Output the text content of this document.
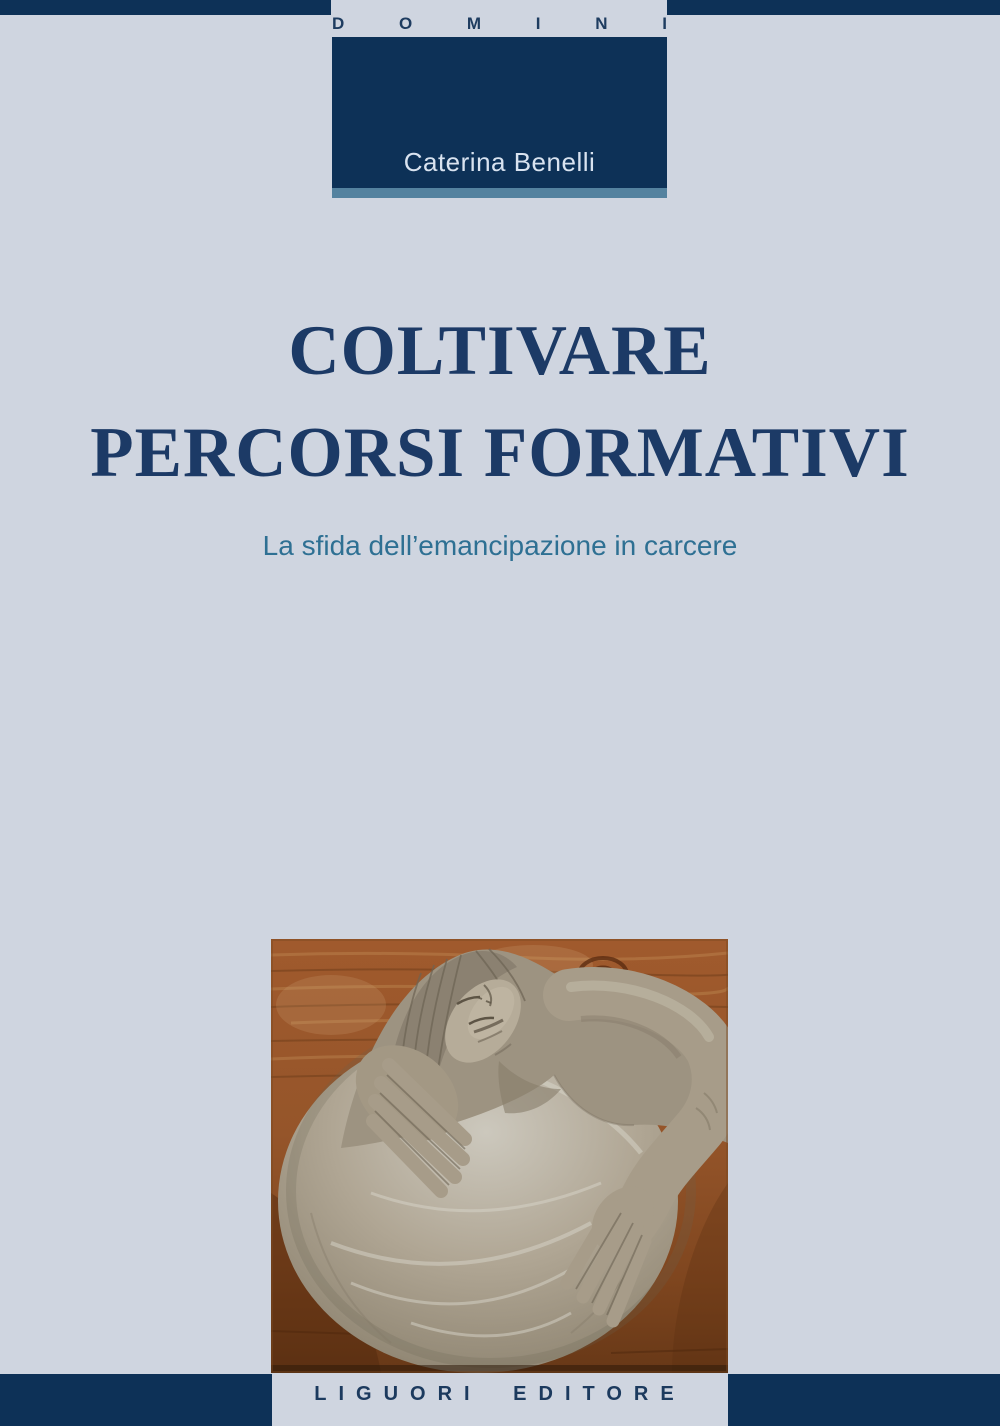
D	O	M	I	N	I
Caterina Benelli
COLTIVARE
PERCORSI FORMATIVI
La sfida dell’emancipazione in carcere
LIGUORI EDITORE
